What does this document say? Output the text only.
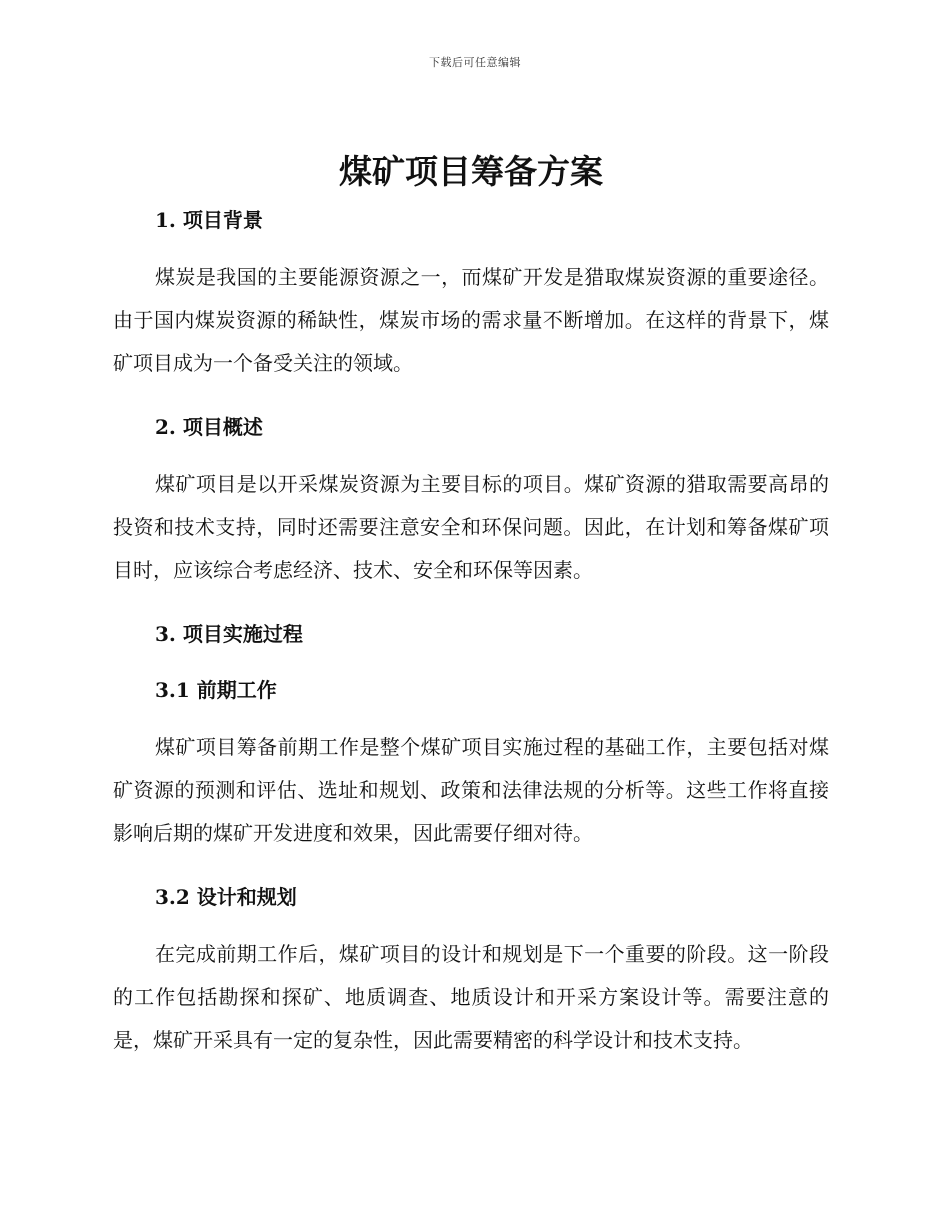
下载后可任意编辑
煤矿项目筹备方案
1. 项目背景

煤炭是我国的主要能源资源之一，而煤矿开发是猎取煤炭资源的重要途径。由于国内煤炭资源的稀缺性，煤炭市场的需求量不断增加。在这样的背景下，煤矿项目成为一个备受关注的领域。

2. 项目概述

煤矿项目是以开采煤炭资源为主要目标的项目。煤矿资源的猎取需要高昂的投资和技术支持，同时还需要注意安全和环保问题。因此，在计划和筹备煤矿项目时，应该综合考虑经济、技术、安全和环保等因素。

3. 项目实施过程
3.1 前期工作

煤矿项目筹备前期工作是整个煤矿项目实施过程的基础工作，主要包括对煤矿资源的预测和评估、选址和规划、政策和法律法规的分析等。这些工作将直接影响后期的煤矿开发进度和效果，因此需要仔细对待。

3.2 设计和规划

在完成前期工作后，煤矿项目的设计和规划是下一个重要的阶段。这一阶段的工作包括勘探和探矿、地质调查、地质设计和开采方案设计等。需要注意的是，煤矿开采具有一定的复杂性，因此需要精密的科学设计和技术支持。
